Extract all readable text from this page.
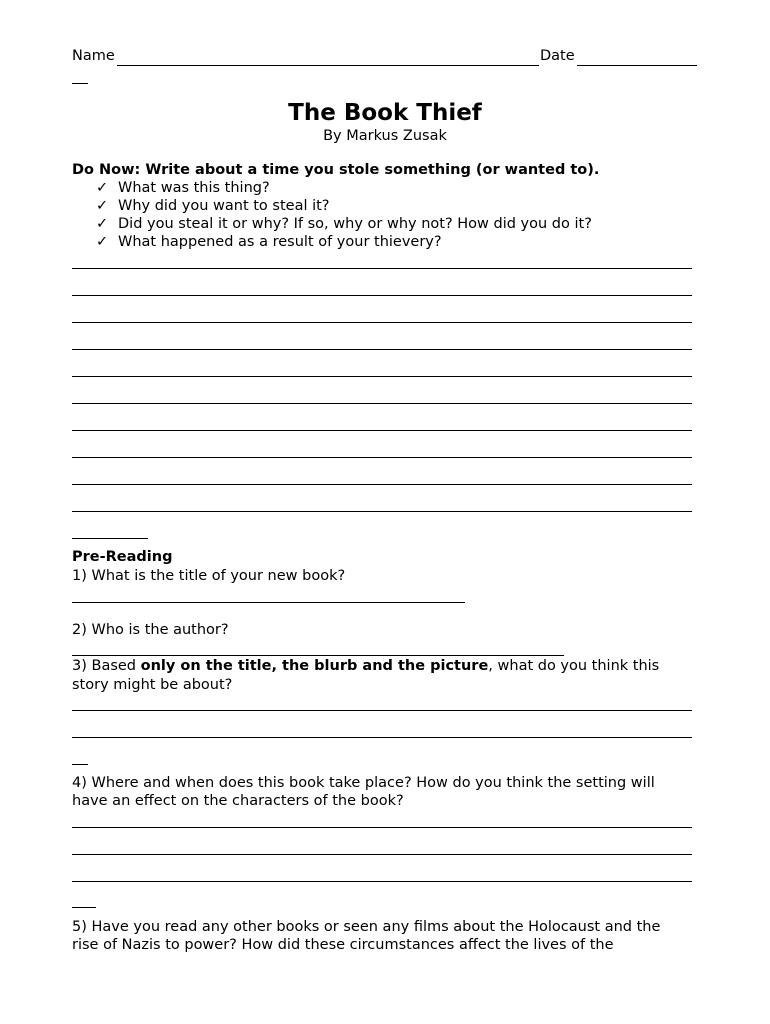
Name	Date
The Book Thief
By Markus Zusak
Do Now: Write about a time you stole something (or wanted to).
✓ What was this thing?
✓ Why did you want to steal it?
✓ Did you steal it or why? If so, why or why not? How did you do it?
✓ What happened as a result of your thievery?
Pre-Reading
1) What is the title of your new book?
2) Who is the author?
3) Based only on the title, the blurb and the picture, what do you think this
story might be about?
4) Where and when does this book take place? How do you think the setting will
have an effect on the characters of the book?
5) Have you read any other books or seen any films about the Holocaust and the
rise of Nazis to power? How did these circumstances affect the lives of the
